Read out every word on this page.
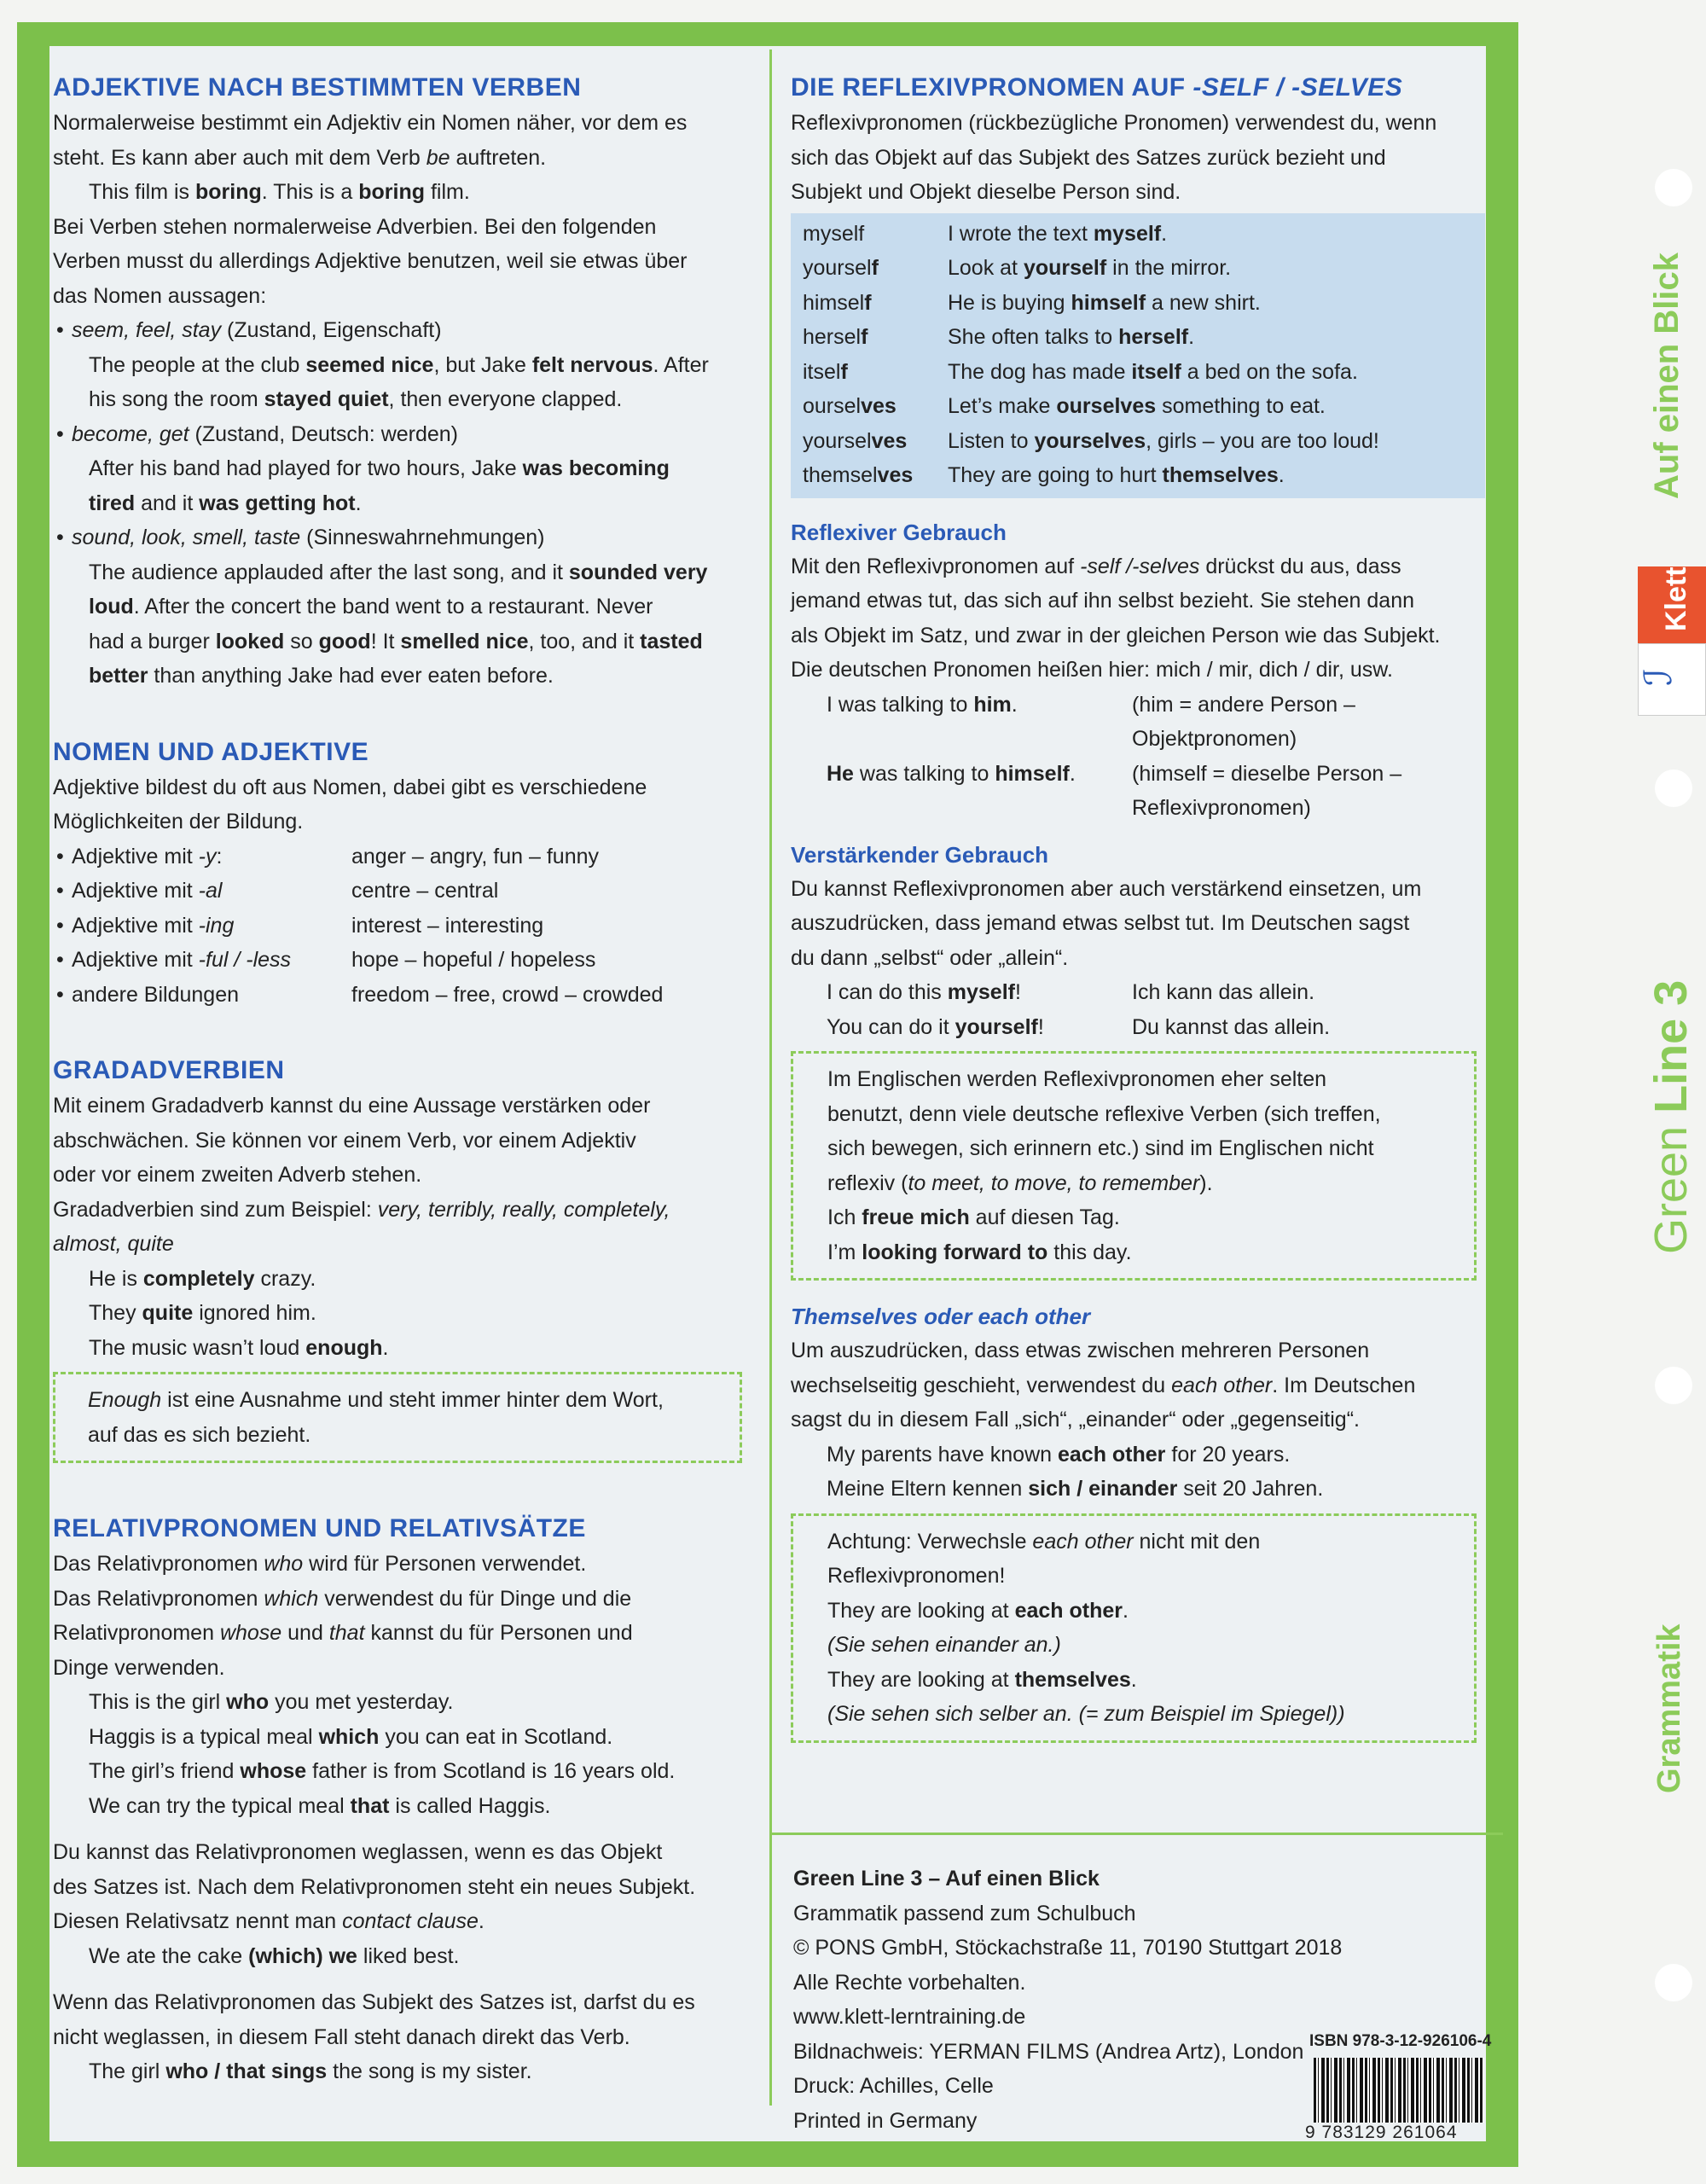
ADJEKTIVE NACH BESTIMMTEN VERBEN

Normalerweise bestimmt ein Adjektiv ein Nomen näher, vor dem es

steht. Es kann aber auch mit dem Verb be auftreten.

This film is boring. This is a boring film.

Bei Verben stehen normalerweise Adverbien. Bei den folgenden

Verben musst du allerdings Adjektive benutzen, weil sie etwas über

das Nomen aussagen:

• seem, feel, stay (Zustand, Eigenschaft)

The people at the club seemed nice, but Jake felt nervous. After

his song the room stayed quiet, then everyone clapped.

• become, get (Zustand, Deutsch: werden)

After his band had played for two hours, Jake was becoming

tired and it was getting hot.

• sound, look, smell, taste (Sinneswahrnehmungen)

The audience applauded after the last song, and it sounded very

loud. After the concert the band went to a restaurant. Never

had a burger looked so good! It smelled nice, too, and it tasted

better than anything Jake had ever eaten before.

NOMEN UND ADJEKTIVE

Adjektive bildest du oft aus Nomen, dabei gibt es verschiedene

Möglichkeiten der Bildung.

• Adjektive mit -y:	anger – angry, fun – funny
• Adjektive mit -al	centre – central
• Adjektive mit -ing	interest – interesting
• Adjektive mit -ful / -less	hope – hopeful / hopeless
• andere Bildungen	freedom – free, crowd – crowded
GRADADVERBIEN

Mit einem Gradadverb kannst du eine Aussage verstärken oder

abschwächen. Sie können vor einem Verb, vor einem Adjektiv

oder vor einem zweiten Adverb stehen.

Gradadverbien sind zum Beispiel: very, terribly, really, completely,

almost, quite

He is completely crazy.

They quite ignored him.

The music wasn’t loud enough.

Enough ist eine Ausnahme und steht immer hinter dem Wort,

auf das es sich bezieht.

RELATIVPRONOMEN UND RELATIVSÄTZE

Das Relativpronomen who wird für Personen verwendet.

Das Relativpronomen which verwendest du für Dinge und die

Relativpronomen whose und that kannst du für Personen und

Dinge verwenden.

This is the girl who you met yesterday.

Haggis is a typical meal which you can eat in Scotland.

The girl’s friend whose father is from Scotland is 16 years old.

We can try the typical meal that is called Haggis.

Du kannst das Relativpronomen weglassen, wenn es das Objekt

des Satzes ist. Nach dem Relativpronomen steht ein neues Subjekt.

Diesen Relativsatz nennt man contact clause.

We ate the cake (which) we liked best.

Wenn das Relativpronomen das Subjekt des Satzes ist, darfst du es

nicht weglassen, in diesem Fall steht danach direkt das Verb.

The girl who / that sings the song is my sister.

DIE REFLEXIVPRONOMEN AUF -SELF / -SELVES

Reflexivpronomen (rückbezügliche Pronomen) verwendest du, wenn

sich das Objekt auf das Subjekt des Satzes zurück bezieht und

Subjekt und Objekt dieselbe Person sind.

myself	I wrote the text myself.
yourself	Look at yourself in the mirror.
himself	He is buying himself a new shirt.
herself	She often talks to herself.
itself	The dog has made itself a bed on the sofa.
ourselves	Let’s make ourselves something to eat.
yourselves	Listen to yourselves, girls – you are too loud!
themselves	They are going to hurt themselves.
Reflexiver Gebrauch

Mit den Reflexivpronomen auf -self /-selves drückst du aus, dass

jemand etwas tut, das sich auf ihn selbst bezieht. Sie stehen dann

als Objekt im Satz, und zwar in der gleichen Person wie das Subjekt.

Die deutschen Pronomen heißen hier: mich / mir, dich / dir, usw.

I was talking to him.	(him = andere Person –
Objektpronomen)
He was talking to himself.	(himself = dieselbe Person –
Reflexivpronomen)
Verstärkender Gebrauch

Du kannst Reflexivpronomen aber auch verstärkend einsetzen, um

auszudrücken, dass jemand etwas selbst tut. Im Deutschen sagst

du dann „selbst“ oder „allein“.

I can do this myself!	Ich kann das allein.
You can do it yourself!	Du kannst das allein.

Im Englischen werden Reflexivpronomen eher selten

benutzt, denn viele deutsche reflexive Verben (sich treffen,

sich bewegen, sich erinnern etc.) sind im Englischen nicht

reflexiv (to meet, to move, to remember).

Ich freue mich auf diesen Tag.

I’m looking forward to this day.

Themselves oder each other

Um auszudrücken, dass etwas zwischen mehreren Personen

wechselseitig geschieht, verwendest du each other. Im Deutschen

sagst du in diesem Fall „sich“, „einander“ oder „gegenseitig“.

My parents have known each other for 20 years.

Meine Eltern kennen sich / einander seit 20 Jahren.

Achtung: Verwechsle each other nicht mit den

Reflexivpronomen!

They are looking at each other.

(Sie sehen einander an.)

They are looking at themselves.

(Sie sehen sich selber an. (= zum Beispiel im Spiegel))

Green Line 3 – Auf einen Blick

Grammatik passend zum Schulbuch

© PONS GmbH, Stöckachstraße 11, 70190 Stuttgart 2018

Alle Rechte vorbehalten.

www.klett-lerntraining.de

Bildnachweis: YERMAN FILMS (Andrea Artz), London

Druck: Achilles, Celle

Printed in Germany

ISBN 978-3-12-926106-4
9 783129 261064
Auf einen Blick
Klett
ℐ
Green Line 3
Grammatik
